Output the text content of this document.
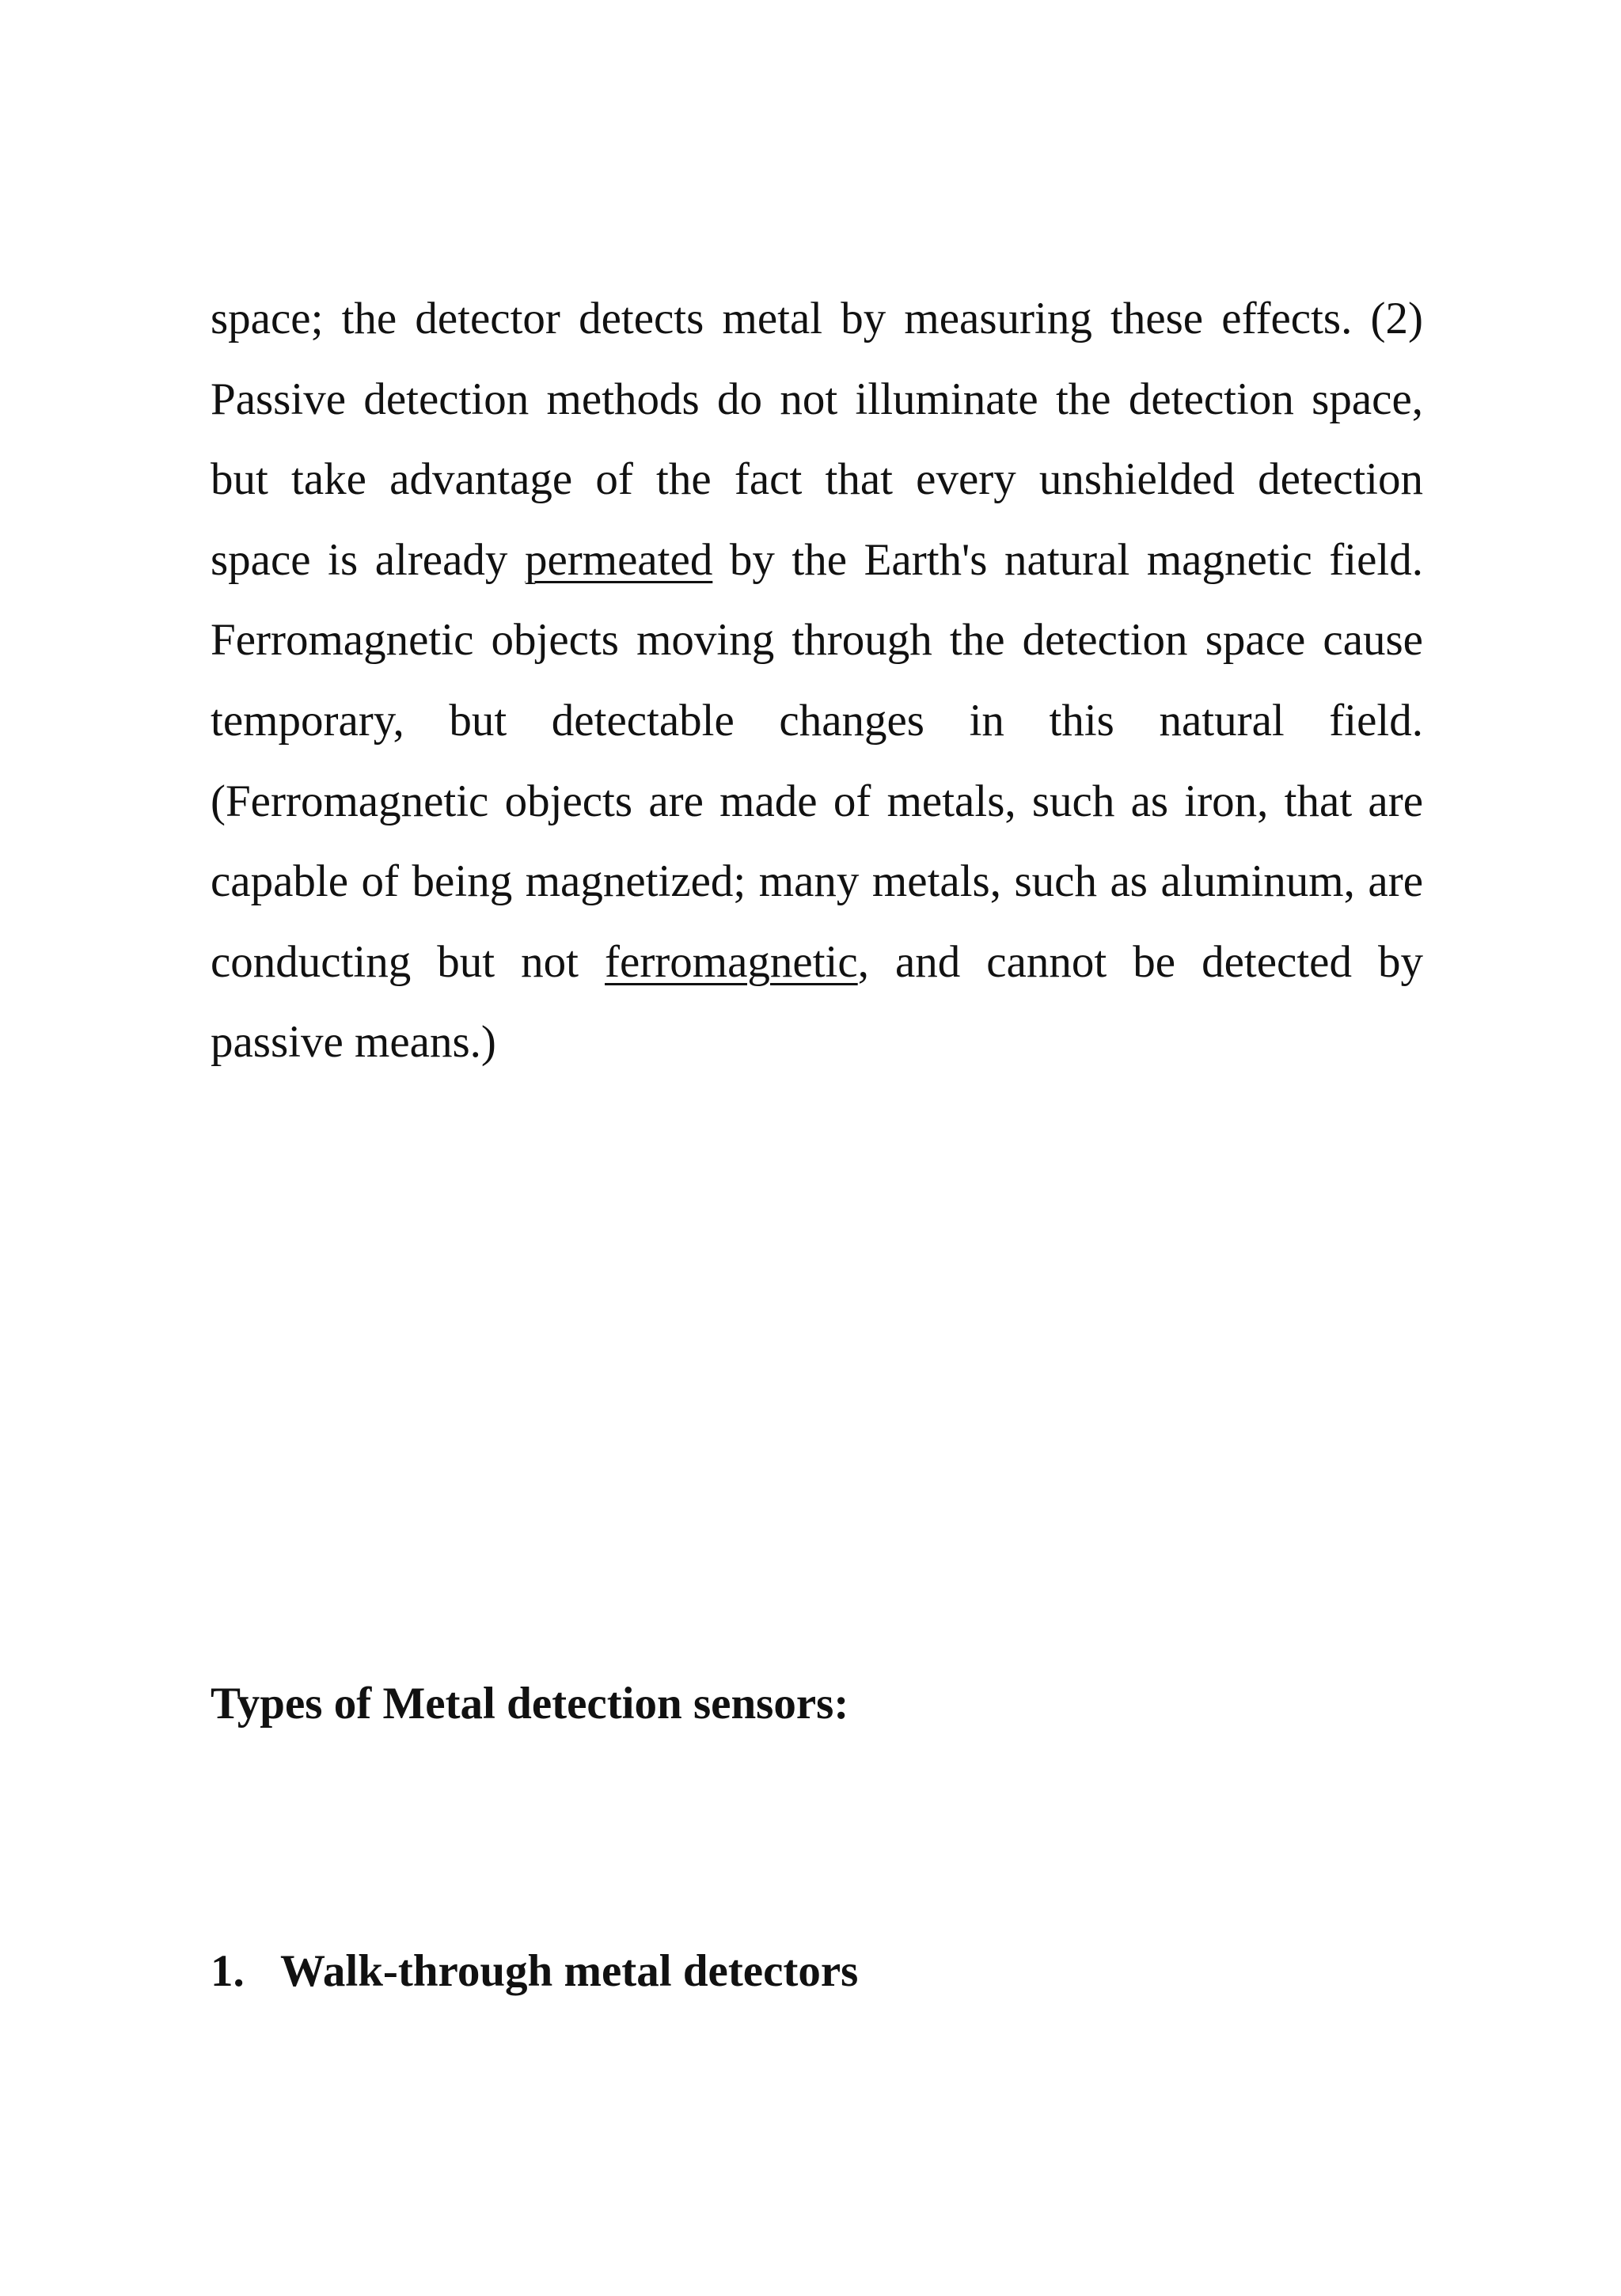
space; the detector detects metal by measuring these effects. (2)
Passive detection methods do not illuminate the detection space,
but take advantage of the fact that every unshielded detection
space is already permeated by the Earth's natural magnetic field.
Ferromagnetic objects moving through the detection space cause
temporary, but detectable changes in this natural field.
(Ferromagnetic objects are made of metals, such as iron, that are
capable of being magnetized; many metals, such as aluminum, are
conducting but not ferromagnetic, and cannot be detected by
passive means.)

Types of Metal detection sensors:
1. Walk-through metal detectors
